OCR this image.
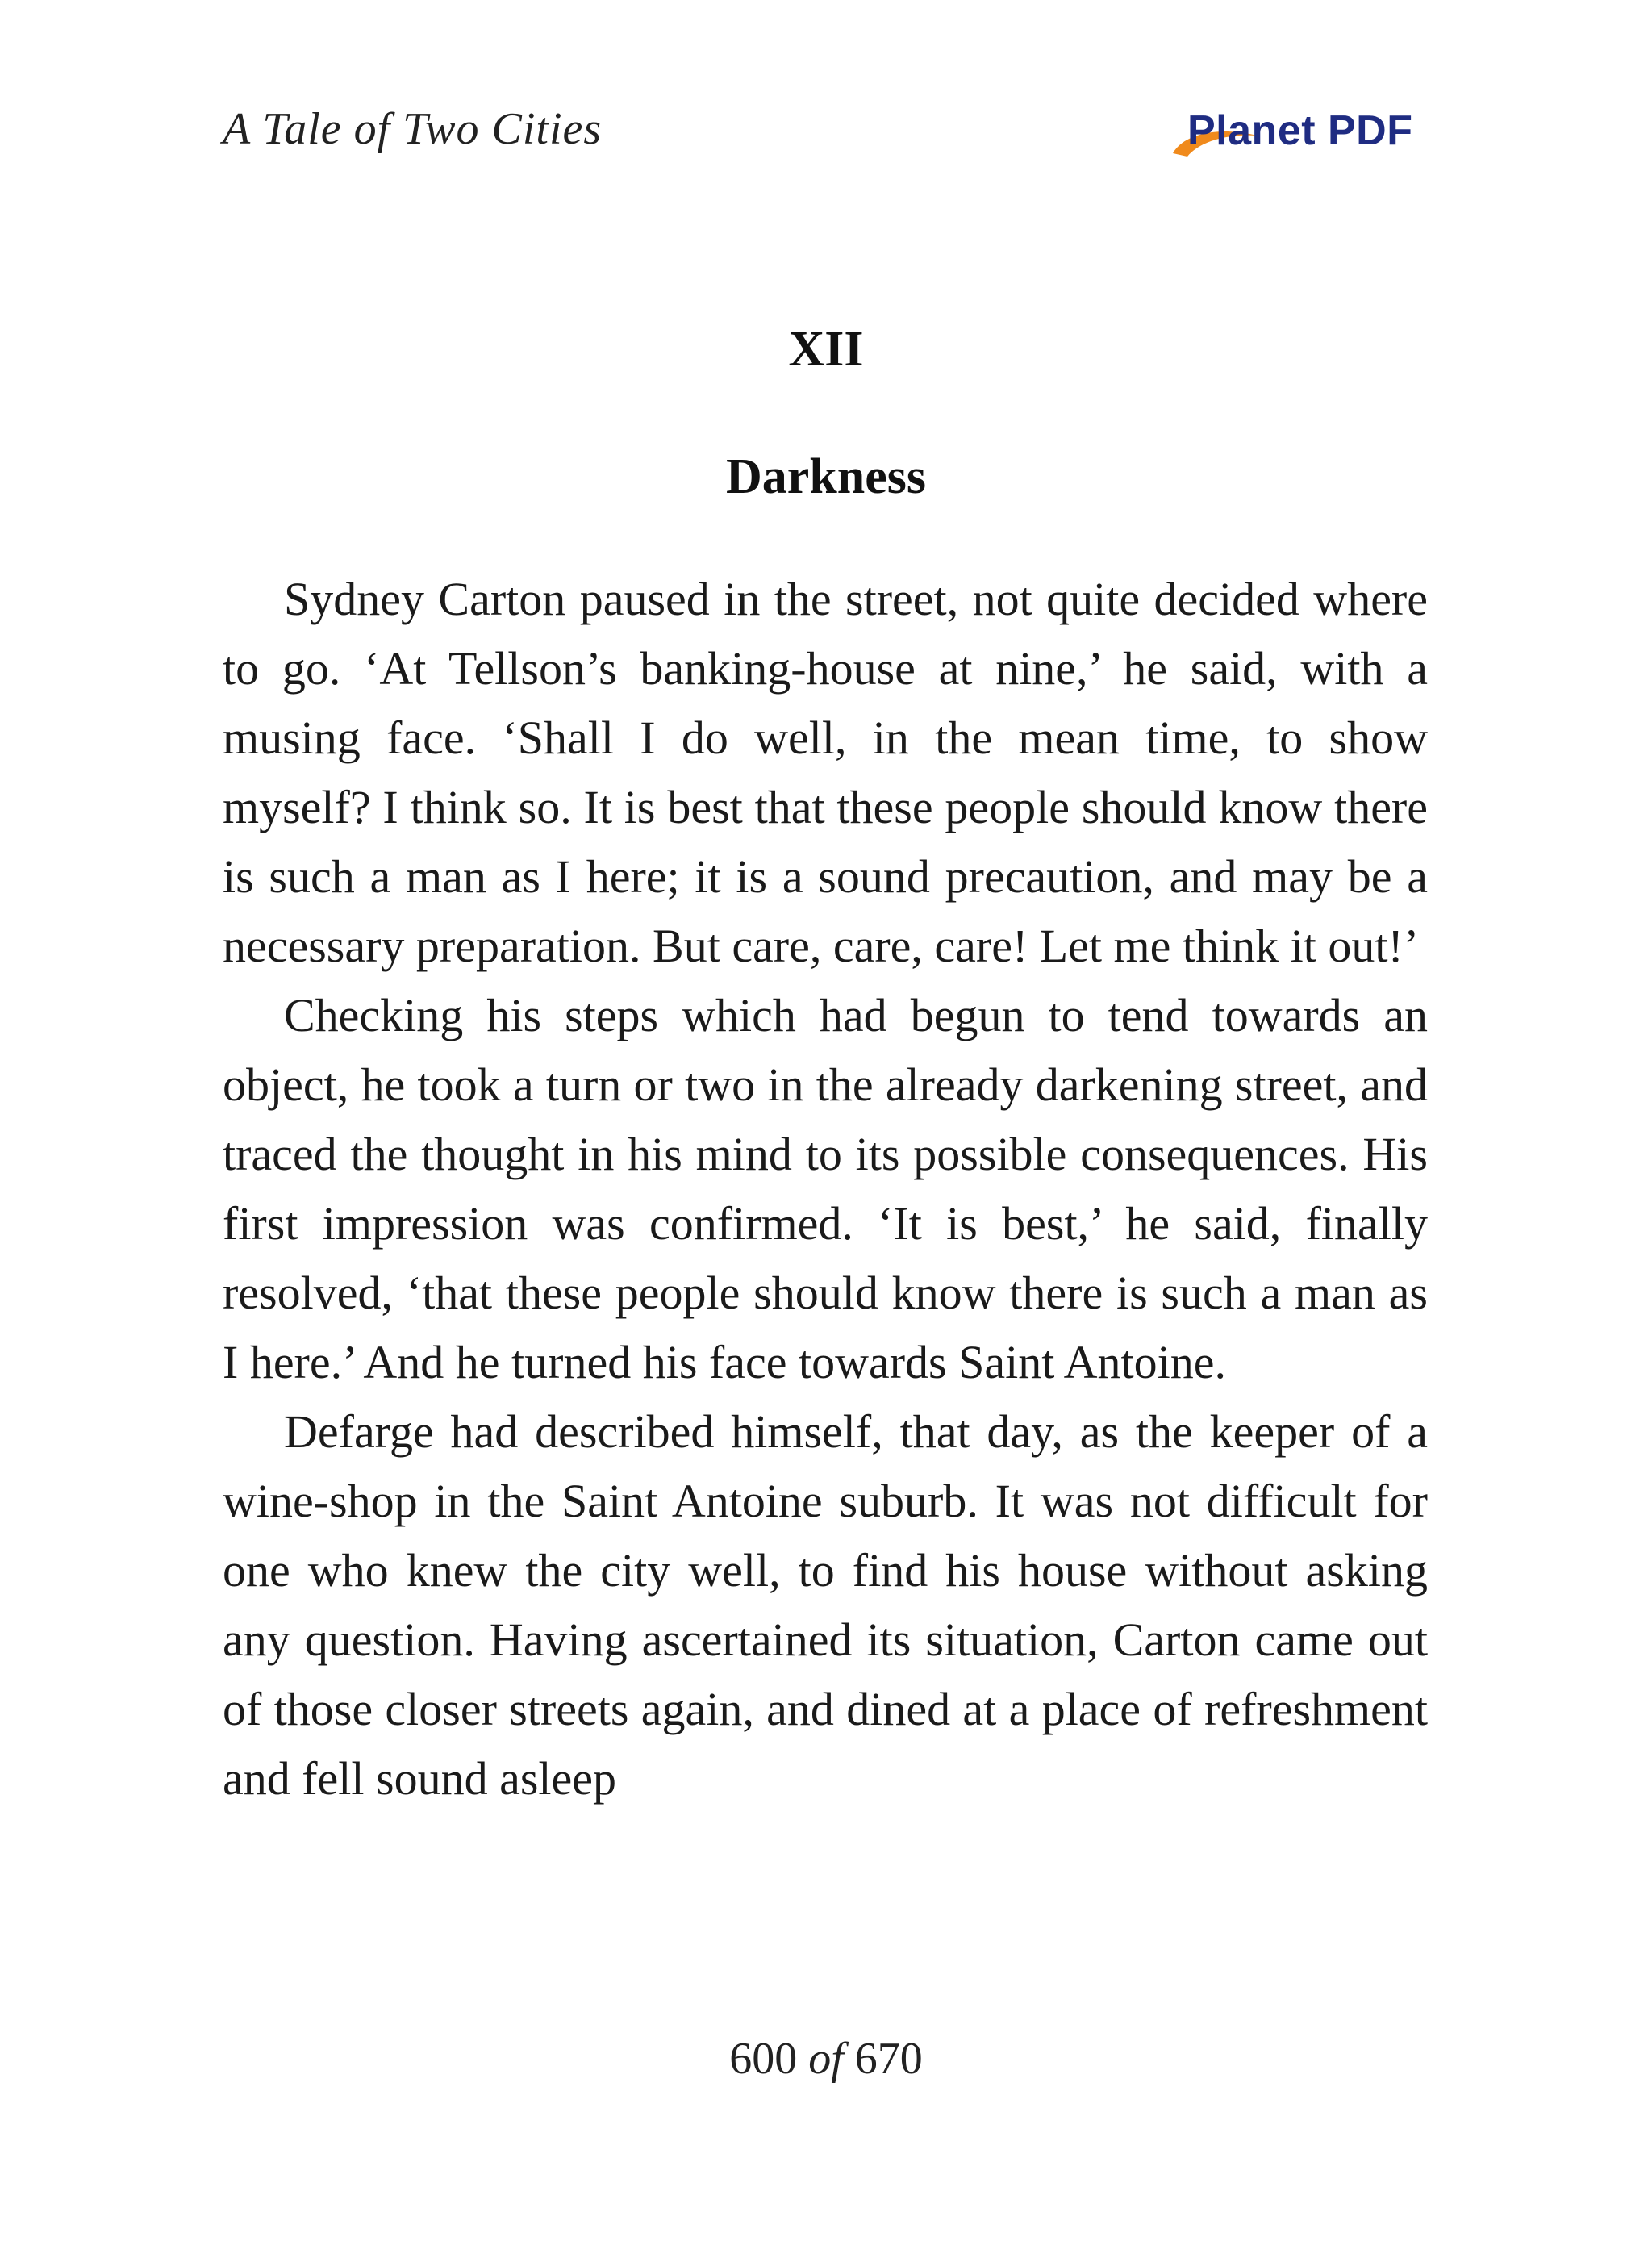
A Tale of Two Cities	Planet PDF
XII
Darkness

Sydney Carton paused in the street, not quite decided where to go. ‘At Tellson’s banking-house at nine,’ he said, with a musing face. ‘Shall I do well, in the mean time, to show myself? I think so. It is best that these people should know there is such a man as I here; it is a sound precaution, and may be a necessary preparation. But care, care, care! Let me think it out!’

Checking his steps which had begun to tend towards an object, he took a turn or two in the already darkening street, and traced the thought in his mind to its possible consequences. His first impression was confirmed. ‘It is best,’ he said, finally resolved, ‘that these people should know there is such a man as I here.’ And he turned his face towards Saint Antoine.

Defarge had described himself, that day, as the keeper of a wine-shop in the Saint Antoine suburb. It was not difficult for one who knew the city well, to find his house without asking any question. Having ascertained its situation, Carton came out of those closer streets again, and dined at a place of refreshment and fell sound asleep

600 of 670
